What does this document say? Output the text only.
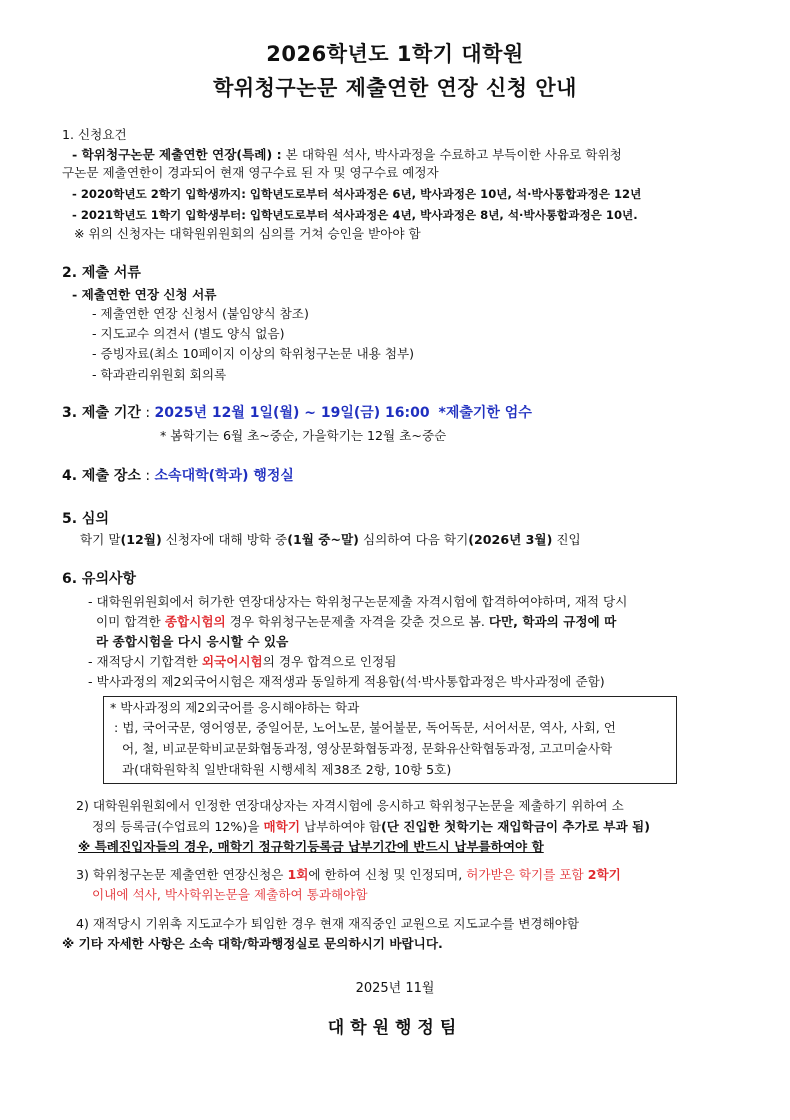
2026학년도 1학기 대학원
학위청구논문 제출연한 연장 신청 안내
1. 신청요건
- 학위청구논문 제출연한 연장(특례) : 본 대학원 석사, 박사과정을 수료하고 부득이한 사유로 학위청
구논문 제출연한이 경과되어 현재 영구수료 된 자 및 영구수료 예정자
- 2020학년도 2학기 입학생까지: 입학년도로부터 석사과정은 6년, 박사과정은 10년, 석·박사통합과정은 12년
- 2021학년도 1학기 입학생부터: 입학년도로부터 석사과정은 4년, 박사과정은 8년, 석·박사통합과정은 10년.
※ 위의 신청자는 대학원위원회의 심의를 거쳐 승인을 받아야 함
2. 제출 서류
- 제출연한 연장 신청 서류
- 제출연한 연장 신청서 (붙임양식 참조)
- 지도교수 의견서 (별도 양식 없음)
- 증빙자료(최소 10페이지 이상의 학위청구논문 내용 첨부)
- 학과관리위원회 회의록
3. 제출 기간 : 2025년 12월 1일(월) ~ 19일(금) 16:00 *제출기한 엄수
* 봄학기는 6월 초~중순, 가을학기는 12월 초~중순
4. 제출 장소 : 소속대학(학과) 행정실
5. 심의
학기 말(12월) 신청자에 대해 방학 중(1월 중~말) 심의하여 다음 학기(2026년 3월) 진입
6. 유의사항
- 대학원위원회에서 허가한 연장대상자는 학위청구논문제출 자격시험에 합격하여야하며, 재적 당시
이미 합격한 종합시험의 경우 학위청구논문제출 자격을 갖춘 것으로 봄. 다만, 학과의 규정에 따
라 종합시험을 다시 응시할 수 있음
- 재적당시 기합격한 외국어시험의 경우 합격으로 인정됨
- 박사과정의 제2외국어시험은 재적생과 동일하게 적용함(석·박사통합과정은 박사과정에 준함)
* 박사과정의 제2외국어를 응시해야하는 학과
: 법, 국어국문, 영어영문, 중일어문, 노어노문, 불어불문, 독어독문, 서어서문, 역사, 사회, 언
어, 철, 비교문학비교문화협동과정, 영상문화협동과정, 문화유산학협동과정, 고고미술사학
과(대학원학칙 일반대학원 시행세칙 제38조 2항, 10항 5호)
2) 대학원위원회에서 인정한 연장대상자는 자격시험에 응시하고 학위청구논문을 제출하기 위하여 소
정의 등록금(수업료의 12%)을 매학기 납부하여야 함(단 진입한 첫학기는 재입학금이 추가로 부과 됨)
※ 특례진입자들의 경우, 매학기 정규학기등록금 납부기간에 반드시 납부를하여야 함
3) 학위청구논문 제출연한 연장신청은 1회에 한하여 신청 및 인정되며, 허가받은 학기를 포함 2학기
이내에 석사, 박사학위논문을 제출하여 통과해야함
4) 재적당시 기위촉 지도교수가 퇴임한 경우 현재 재직중인 교원으로 지도교수를 변경해야함
※ 기타 자세한 사항은 소속 대학/학과행정실로 문의하시기 바랍니다.
2025년 11월
대학원행정팀
